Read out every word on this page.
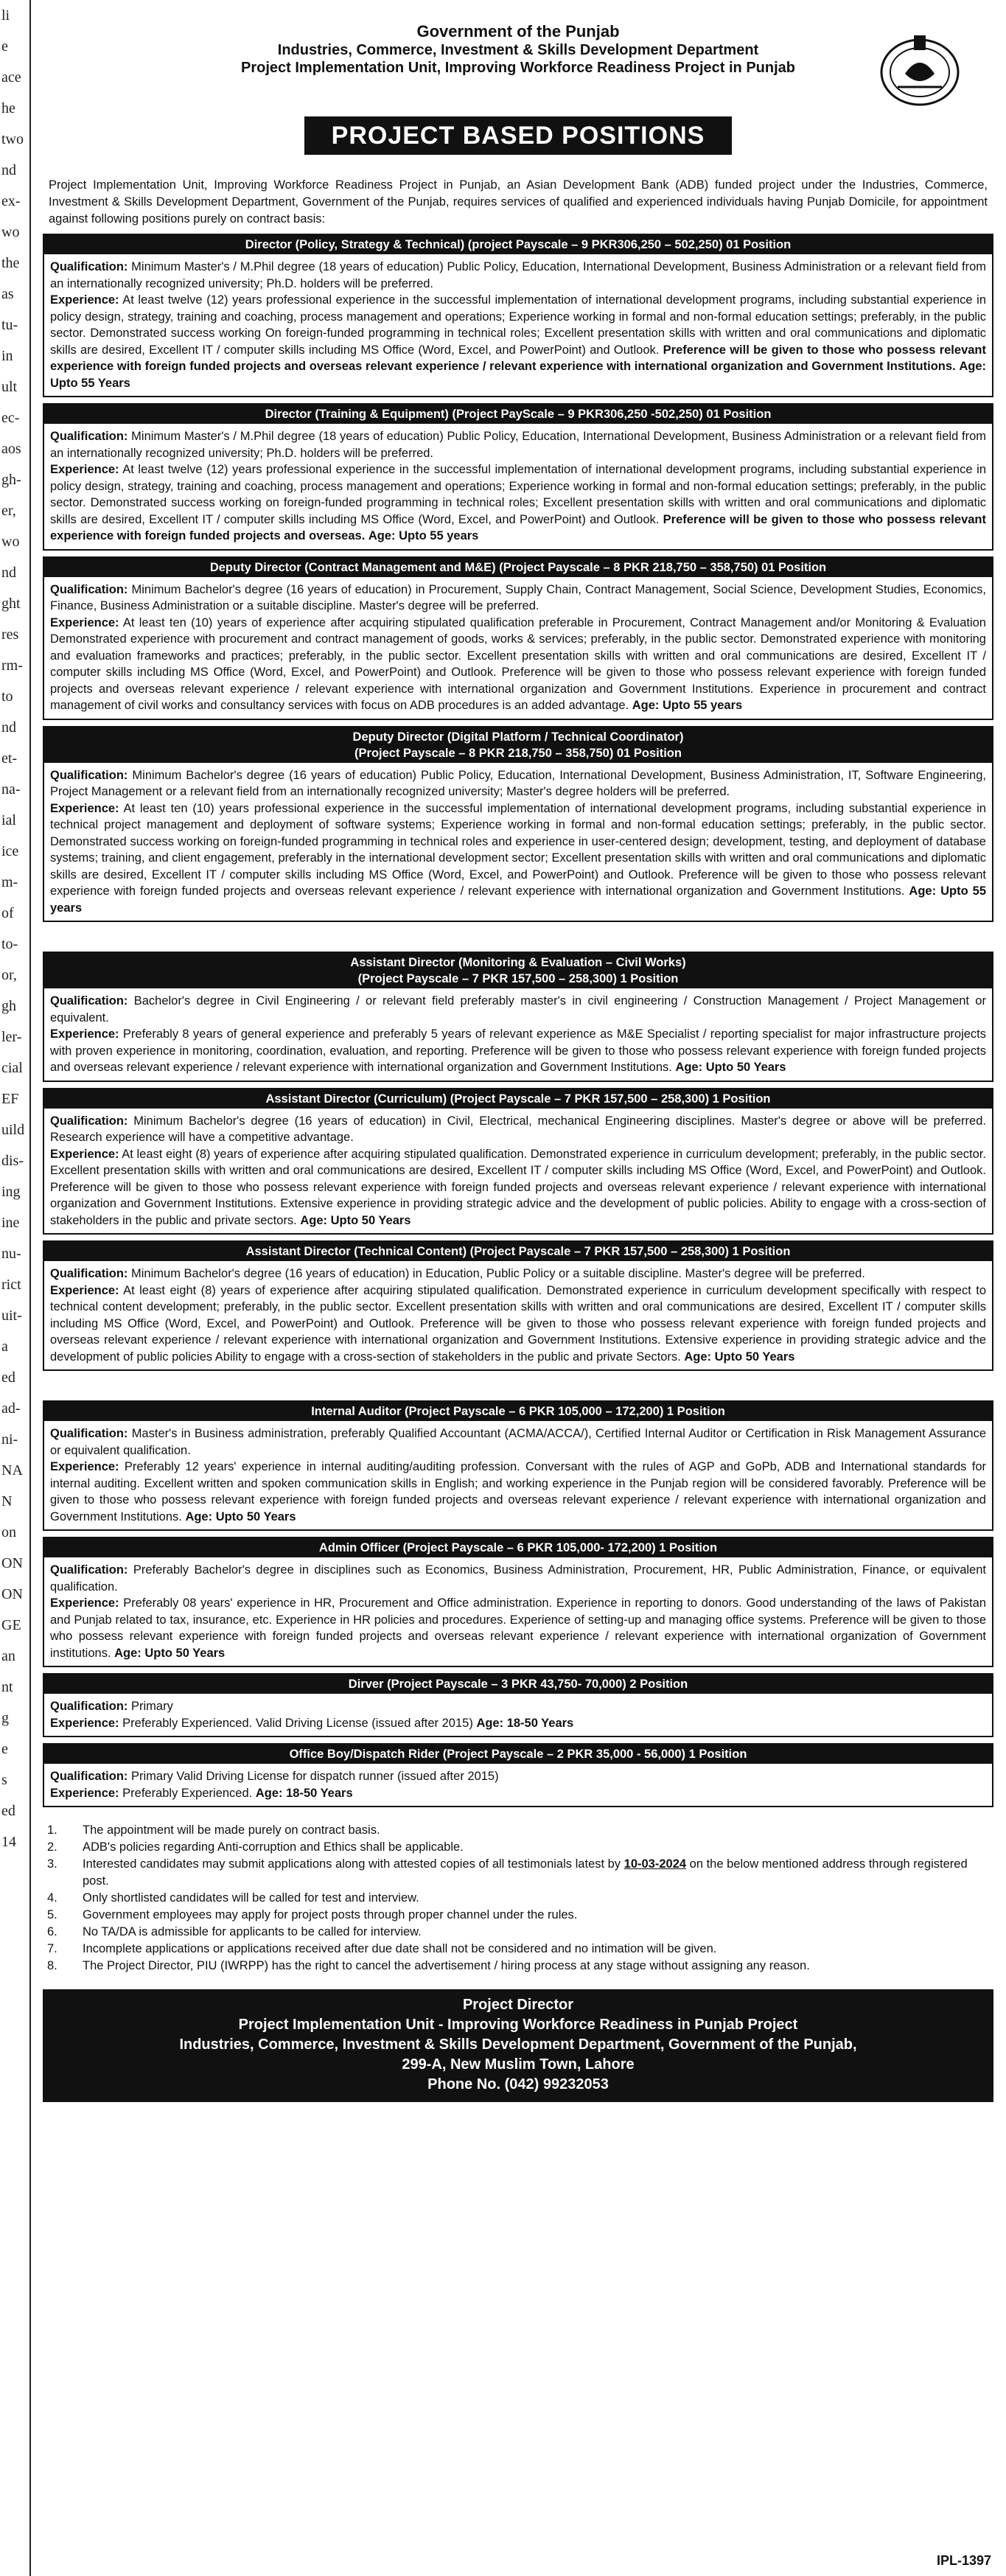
li
e
ace
he
two
nd
ex-
wo
the
as
tu-
in
ult
ec-
aos
gh-
er,
wo
nd
ght
res
rm-
to
nd
et-
na-
ial
ice
m-
of
to-
or,
gh
ler-
cial
EF
uild
dis-
ing
ine
nu-
rict
uit-
a
ed
ad-
ni-
NA
N
on
ON
ON
GE
an
nt
g
e
s
ed
14
Government of the Punjab
Industries, Commerce, Investment & Skills Development Department
Project Implementation Unit, Improving Workforce Readiness Project in Punjab
PROJECT BASED POSITIONS
Project Implementation Unit, Improving Workforce Readiness Project in Punjab, an Asian Development Bank (ADB) funded project under the Industries, Commerce, Investment & Skills Development Department, Government of the Punjab, requires services of qualified and experienced individuals having Punjab Domicile, for appointment against following positions purely on contract basis:
Director (Policy, Strategy & Technical) (project Payscale – 9 PKR306,250 – 502,250) 01 Position
Qualification: Minimum Master's / M.Phil degree (18 years of education) Public Policy, Education, International Development, Business Administration or a relevant field from an internationally recognized university; Ph.D. holders will be preferred.
Experience: At least twelve (12) years professional experience in the successful implementation of international development programs, including substantial experience in policy design, strategy, training and coaching, process management and operations; Experience working in formal and non-formal education settings; preferably, in the public sector. Demonstrated success working On foreign-funded programming in technical roles; Excellent presentation skills with written and oral communications and diplomatic skills are desired, Excellent IT / computer skills including MS Office (Word, Excel, and PowerPoint) and Outlook. Preference will be given to those who possess relevant experience with foreign funded projects and overseas relevant experience / relevant experience with international organization and Government Institutions. Age: Upto 55 Years
Director (Training & Equipment) (Project PayScale – 9 PKR306,250 -502,250) 01 Position
Qualification: Minimum Master's / M.Phil degree (18 years of education) Public Policy, Education, International Development, Business Administration or a relevant field from an internationally recognized university; Ph.D. holders will be preferred.
Experience: At least twelve (12) years professional experience in the successful implementation of international development programs, including substantial experience in policy design, strategy, training and coaching, process management and operations; Experience working in formal and non-formal education settings; preferably, in the public sector. Demonstrated success working on foreign-funded programming in technical roles; Excellent presentation skills with written and oral communications and diplomatic skills are desired, Excellent IT / computer skills including MS Office (Word, Excel, and PowerPoint) and Outlook. Preference will be given to those who possess relevant experience with foreign funded projects and overseas. Age: Upto 55 years
Deputy Director (Contract Management and M&E) (Project Payscale – 8 PKR 218,750 – 358,750) 01 Position
Qualification: Minimum Bachelor's degree (16 years of education) in Procurement, Supply Chain, Contract Management, Social Science, Development Studies, Economics, Finance, Business Administration or a suitable discipline. Master's degree will be preferred.
Experience: At least ten (10) years of experience after acquiring stipulated qualification preferable in Procurement, Contract Management and/or Monitoring & Evaluation Demonstrated experience with procurement and contract management of goods, works & services; preferably, in the public sector. Demonstrated experience with monitoring and evaluation frameworks and practices; preferably, in the public sector. Excellent presentation skills with written and oral communications are desired, Excellent IT / computer skills including MS Office (Word, Excel, and PowerPoint) and Outlook. Preference will be given to those who possess relevant experience with foreign funded projects and overseas relevant experience / relevant experience with international organization and Government Institutions. Experience in procurement and contract management of civil works and consultancy services with focus on ADB procedures is an added advantage. Age: Upto 55 years
Deputy Director (Digital Platform / Technical Coordinator)
(Project Payscale – 8 PKR 218,750 – 358,750) 01 Position
Qualification: Minimum Bachelor's degree (16 years of education) Public Policy, Education, International Development, Business Administration, IT, Software Engineering, Project Management or a relevant field from an internationally recognized university; Master's degree holders will be preferred.
Experience: At least ten (10) years professional experience in the successful implementation of international development programs, including substantial experience in technical project management and deployment of software systems; Experience working in formal and non-formal education settings; preferably, in the public sector. Demonstrated success working on foreign-funded programming in technical roles and experience in user-centered design; development, testing, and deployment of database systems; training, and client engagement, preferably in the international development sector; Excellent presentation skills with written and oral communications and diplomatic skills are desired, Excellent IT / computer skills including MS Office (Word, Excel, and PowerPoint) and Outlook. Preference will be given to those who possess relevant experience with foreign funded projects and overseas relevant experience / relevant experience with international organization and Government Institutions. Age: Upto 55 years
Assistant Director (Monitoring & Evaluation – Civil Works)
(Project Payscale – 7 PKR 157,500 – 258,300) 1 Position
Qualification: Bachelor's degree in Civil Engineering / or relevant field preferably master's in civil engineering / Construction Management / Project Management or equivalent.
Experience: Preferably 8 years of general experience and preferably 5 years of relevant experience as M&E Specialist / reporting specialist for major infrastructure projects with proven experience in monitoring, coordination, evaluation, and reporting. Preference will be given to those who possess relevant experience with foreign funded projects and overseas relevant experience / relevant experience with international organization and Government Institutions. Age: Upto 50 Years
Assistant Director (Curriculum) (Project Payscale – 7 PKR 157,500 – 258,300) 1 Position
Qualification: Minimum Bachelor's degree (16 years of education) in Civil, Electrical, mechanical Engineering disciplines. Master's degree or above will be preferred. Research experience will have a competitive advantage.
Experience: At least eight (8) years of experience after acquiring stipulated qualification. Demonstrated experience in curriculum development; preferably, in the public sector. Excellent presentation skills with written and oral communications are desired, Excellent IT / computer skills including MS Office (Word, Excel, and PowerPoint) and Outlook. Preference will be given to those who possess relevant experience with foreign funded projects and overseas relevant experience / relevant experience with international organization and Government Institutions. Extensive experience in providing strategic advice and the development of public policies. Ability to engage with a cross-section of stakeholders in the public and private sectors. Age: Upto 50 Years
Assistant Director (Technical Content) (Project Payscale – 7 PKR 157,500 – 258,300) 1 Position
Qualification: Minimum Bachelor's degree (16 years of education) in Education, Public Policy or a suitable discipline. Master's degree will be preferred.
Experience: At least eight (8) years of experience after acquiring stipulated qualification. Demonstrated experience in curriculum development specifically with respect to technical content development; preferably, in the public sector. Excellent presentation skills with written and oral communications are desired, Excellent IT / computer skills including MS Office (Word, Excel, and PowerPoint) and Outlook. Preference will be given to those who possess relevant experience with foreign funded projects and overseas relevant experience / relevant experience with international organization and Government Institutions. Extensive experience in providing strategic advice and the development of public policies Ability to engage with a cross-section of stakeholders in the public and private Sectors. Age: Upto 50 Years
Internal Auditor (Project Payscale – 6 PKR 105,000 – 172,200) 1 Position
Qualification: Master's in Business administration, preferably Qualified Accountant (ACMA/ACCA/), Certified Internal Auditor or Certification in Risk Management Assurance or equivalent qualification.
Experience: Preferably 12 years' experience in internal auditing/auditing profession. Conversant with the rules of AGP and GoPb, ADB and International standards for internal auditing. Excellent written and spoken communication skills in English; and working experience in the Punjab region will be considered favorably. Preference will be given to those who possess relevant experience with foreign funded projects and overseas relevant experience / relevant experience with international organization and Government Institutions. Age: Upto 50 Years
Admin Officer (Project Payscale – 6 PKR 105,000- 172,200) 1 Position
Qualification: Preferably Bachelor's degree in disciplines such as Economics, Business Administration, Procurement, HR, Public Administration, Finance, or equivalent qualification.
Experience: Preferably 08 years' experience in HR, Procurement and Office administration. Experience in reporting to donors. Good understanding of the laws of Pakistan and Punjab related to tax, insurance, etc. Experience in HR policies and procedures. Experience of setting-up and managing office systems. Preference will be given to those who possess relevant experience with foreign funded projects and overseas relevant experience / relevant experience with international organization of Government institutions. Age: Upto 50 Years
Dirver (Project Payscale – 3 PKR 43,750- 70,000) 2 Position
Qualification: Primary
Experience: Preferably Experienced. Valid Driving License (issued after 2015) Age: 18-50 Years
Office Boy/Dispatch Rider (Project Payscale – 2 PKR 35,000 - 56,000) 1 Position
Qualification: Primary Valid Driving License for dispatch runner (issued after 2015)
Experience: Preferably Experienced. Age: 18-50 Years
1.	The appointment will be made purely on contract basis.
2.	ADB's policies regarding Anti-corruption and Ethics shall be applicable.
3.	Interested candidates may submit applications along with attested copies of all testimonials latest by 10-03-2024 on the below mentioned address through registered post.
4.	Only shortlisted candidates will be called for test and interview.
5.	Government employees may apply for project posts through proper channel under the rules.
6.	No TA/DA is admissible for applicants to be called for interview.
7.	Incomplete applications or applications received after due date shall not be considered and no intimation will be given.
8.	The Project Director, PIU (IWRPP) has the right to cancel the advertisement / hiring process at any stage without assigning any reason.
Project Director
Project Implementation Unit - Improving Workforce Readiness in Punjab Project
Industries, Commerce, Investment & Skills Development Department, Government of the Punjab,
299-A, New Muslim Town, Lahore
Phone No. (042) 99232053
IPL-1397
